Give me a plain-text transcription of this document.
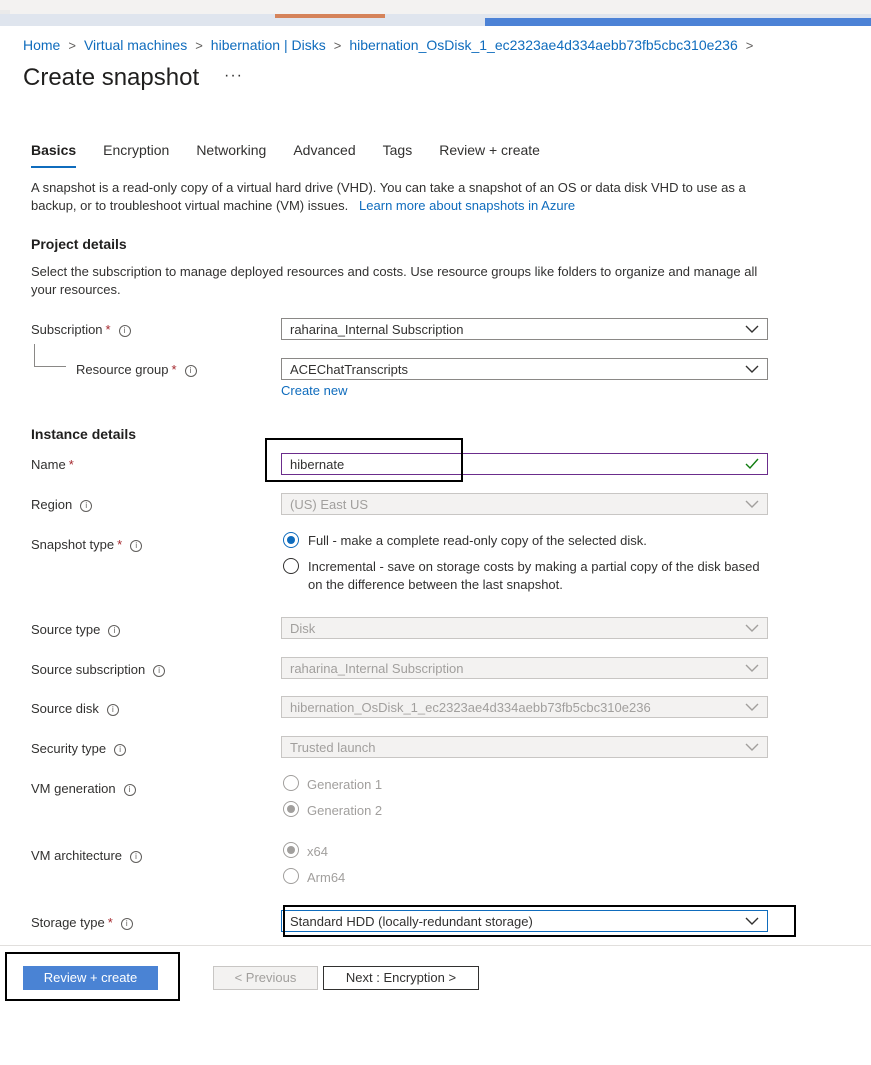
Home > Virtual machines > hibernation | Disks > hibernation_OsDisk_1_ec2323ae4d334aebb73fb5cbc310e236 >
Create snapshot ···
Basics Encryption Networking Advanced Tags Review + create
A snapshot is a read-only copy of a virtual hard drive (VHD). You can take a snapshot of an OS or data disk VHD to use as a backup, or to troubleshoot virtual machine (VM) issues. Learn more about snapshots in Azure
Project details
Select the subscription to manage deployed resources and costs. Use resource groups like folders to organize and manage all your resources.
Subscription * i	raharina_Internal Subscription
Resource group * i	ACEChatTranscripts
Create new
Instance details
Name *	hibernate
Region i	(US) East US
Snapshot type * i	Full - make a complete read-only copy of the selected disk.
Incremental - save on storage costs by making a partial copy of the disk based
on the difference between the last snapshot.
Source type i	Disk
Source subscription i	raharina_Internal Subscription
Source disk i	hibernation_OsDisk_1_ec2323ae4d334aebb73fb5cbc310e236
Security type i	Trusted launch
VM generation i	Generation 1
Generation 2
VM architecture i	x64
Arm64
Storage type * i	Standard HDD (locally-redundant storage)
Review + create	< Previous	Next : Encryption >
